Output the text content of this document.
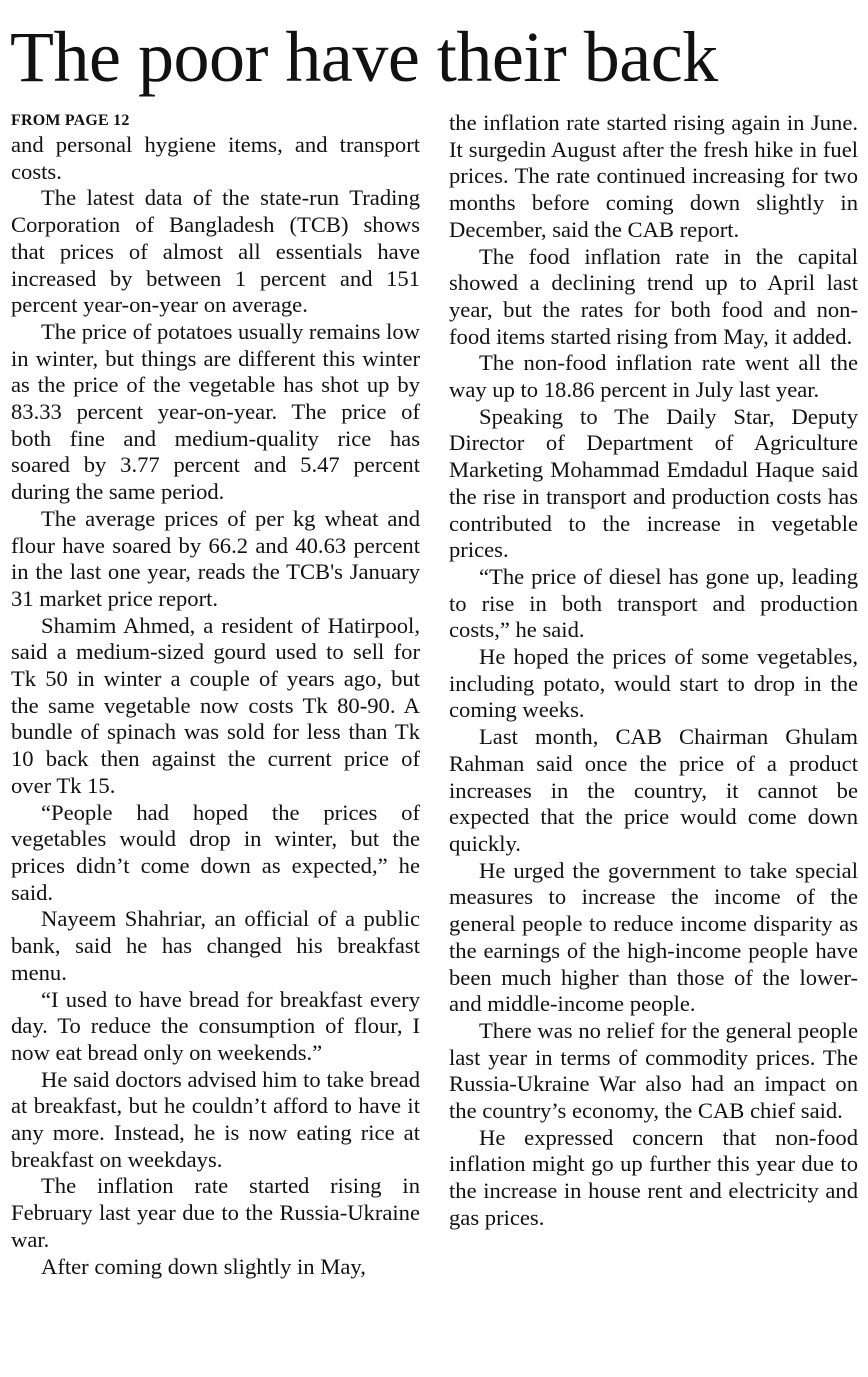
The poor have their back
FROM PAGE 12

and personal hygiene items, and transport costs.

The latest data of the state-run Trading Corporation of Bangladesh (TCB) shows that prices of almost all essentials have increased by between 1 percent and 151 percent year-on-year on average.

The price of potatoes usually remains low in winter, but things are different this winter as the price of the vegetable has shot up by 83.33 percent year-on-year. The price of both fine and medium-quality rice has soared by 3.77 percent and 5.47 percent during the same period.

The average prices of per kg wheat and flour have soared by 66.2 and 40.63 percent in the last one year, reads the TCB's January 31 market price report.

Shamim Ahmed, a resident of Hatirpool, said a medium-sized gourd used to sell for Tk 50 in winter a couple of years ago, but the same vegetable now costs Tk 80-90. A bundle of spinach was sold for less than Tk 10 back then against the current price of over Tk 15.

“People had hoped the prices of vegetables would drop in winter, but the prices didn’t come down as expected,” he said.

Nayeem Shahriar, an official of a public bank, said he has changed his breakfast menu.

“I used to have bread for breakfast every day. To reduce the consumption of flour, I now eat bread only on weekends.”

He said doctors advised him to take bread at breakfast, but he couldn’t afford to have it any more. Instead, he is now eating rice at breakfast on weekdays.

The inflation rate started rising in February last year due to the Russia-Ukraine war.

After coming down slightly in May,

the inflation rate started rising again in June. It surgedin August after the fresh hike in fuel prices. The rate continued increasing for two months before coming down slightly in December, said the CAB report.

The food inflation rate in the capital showed a declining trend up to April last year, but the rates for both food and non-food items started rising from May, it added.

The non-food inflation rate went all the way up to 18.86 percent in July last year.

Speaking to The Daily Star, Deputy Director of Department of Agriculture Marketing Mohammad Emdadul Haque said the rise in transport and production costs has contributed to the increase in vegetable prices.

“The price of diesel has gone up, leading to rise in both transport and production costs,” he said.

He hoped the prices of some vegetables, including potato, would start to drop in the coming weeks.

Last month, CAB Chairman Ghulam Rahman said once the price of a product increases in the country, it cannot be expected that the price would come down quickly.

He urged the government to take special measures to increase the income of the general people to reduce income disparity as the earnings of the high-income people have been much higher than those of the lower- and middle-income people.

There was no relief for the general people last year in terms of commodity prices. The Russia-Ukraine War also had an impact on the country’s economy, the CAB chief said.

He expressed concern that non-food inflation might go up further this year due to the increase in house rent and electricity and gas prices.
